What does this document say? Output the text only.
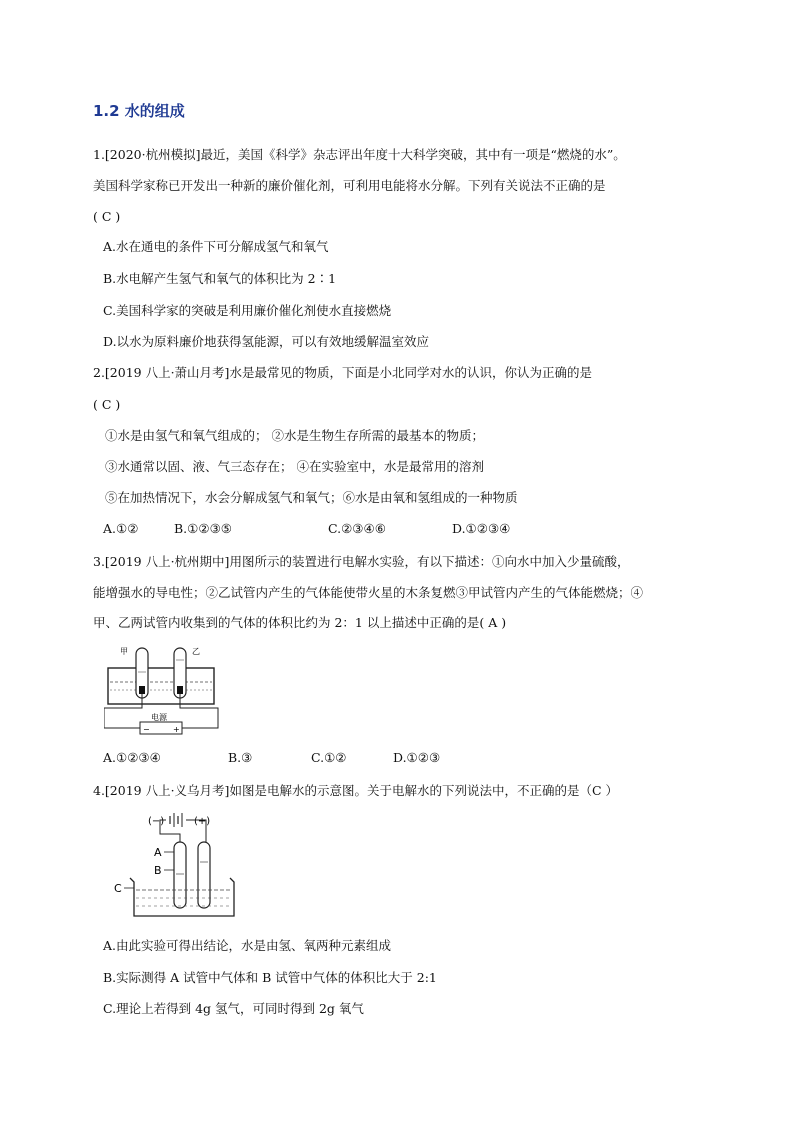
1.2 水的组成
1.[2020·杭州模拟]最近，美国《科学》杂志评出年度十大科学突破，其中有一项是“燃烧的水”。
美国科学家称已开发出一种新的廉价催化剂，可利用电能将水分解。下列有关说法不正确的是
( C )
A.水在通电的条件下可分解成氢气和氧气
B.水电解产生氢气和氧气的体积比为 2∶1
C.美国科学家的突破是利用廉价催化剂使水直接燃烧
D.以水为原料廉价地获得氢能源，可以有效地缓解温室效应
2.[2019 八上·萧山月考]水是最常见的物质，下面是小北同学对水的认识，你认为正确的是
( C )
①水是由氢气和氧气组成的； ②水是生物生存所需的最基本的物质；
③水通常以固、液、气三态存在； ④在实验室中，水是最常用的溶剂
⑤在加热情况下，水会分解成氢气和氧气；⑥水是由氧和氢组成的一种物质
A.①②	B.①②③⑤	C.②③④⑥	D.①②③④
3.[2019 八上·杭州期中]用图所示的装置进行电解水实验，有以下描述：①向水中加入少量硫酸，
能增强水的导电性；②乙试管内产生的气体能使带火星的木条复燃③甲试管内产生的气体能燃烧；④
甲、乙两试管内收集到的气体的体积比约为 2：1 以上描述中正确的是( A )
甲	乙
电源
−	+
A.①②③④	B.③	C.①②	D.①②③
4.[2019 八上·义乌月考]如图是电解水的示意图。关于电解水的下列说法中，不正确的是（C ）
(−)	(+)
A
B
C
A.由此实验可得出结论，水是由氢、氧两种元素组成
B.实际测得 A 试管中气体和 B 试管中气体的体积比大于 2:1
C.理论上若得到 4g 氢气，可同时得到 2g 氧气
